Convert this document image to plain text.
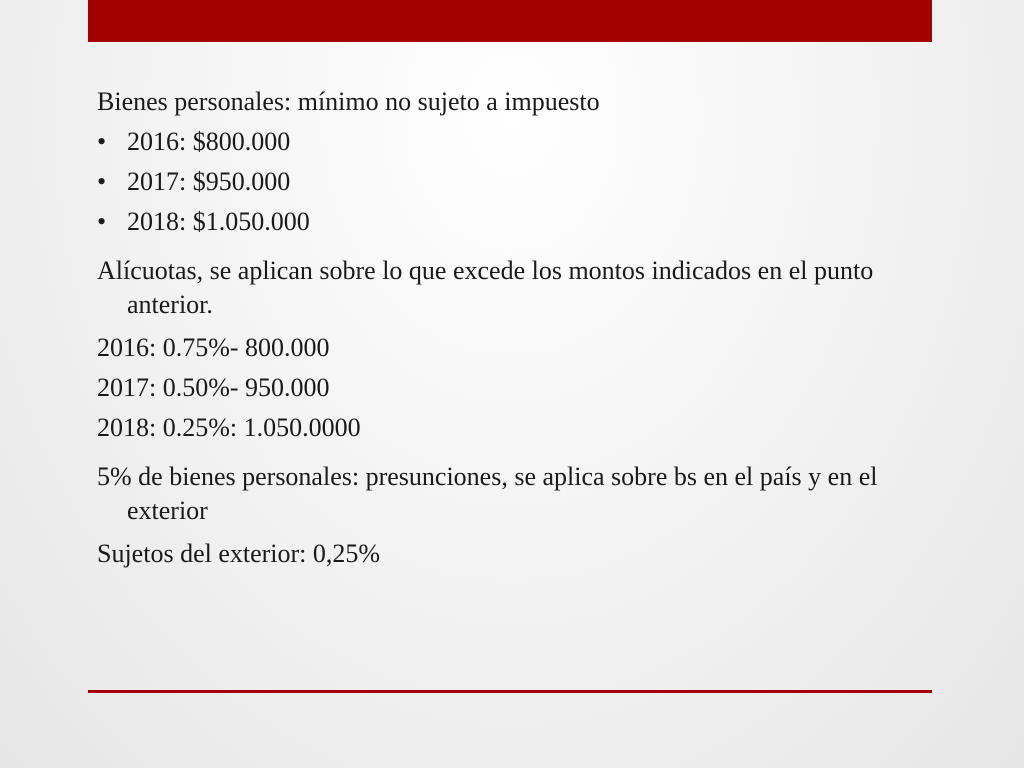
Bienes personales: mínimo no sujeto a impuesto

• 2016: $800.000
• 2017: $950.000
• 2018: $1.050.000

Alícuotas, se aplican sobre lo que excede los montos indicados en el punto anterior.

2016: 0.75%- 800.000

2017: 0.50%- 950.000

2018: 0.25%: 1.050.0000

5% de bienes personales: presunciones, se aplica sobre bs en el país y en el exterior

Sujetos del exterior: 0,25%
